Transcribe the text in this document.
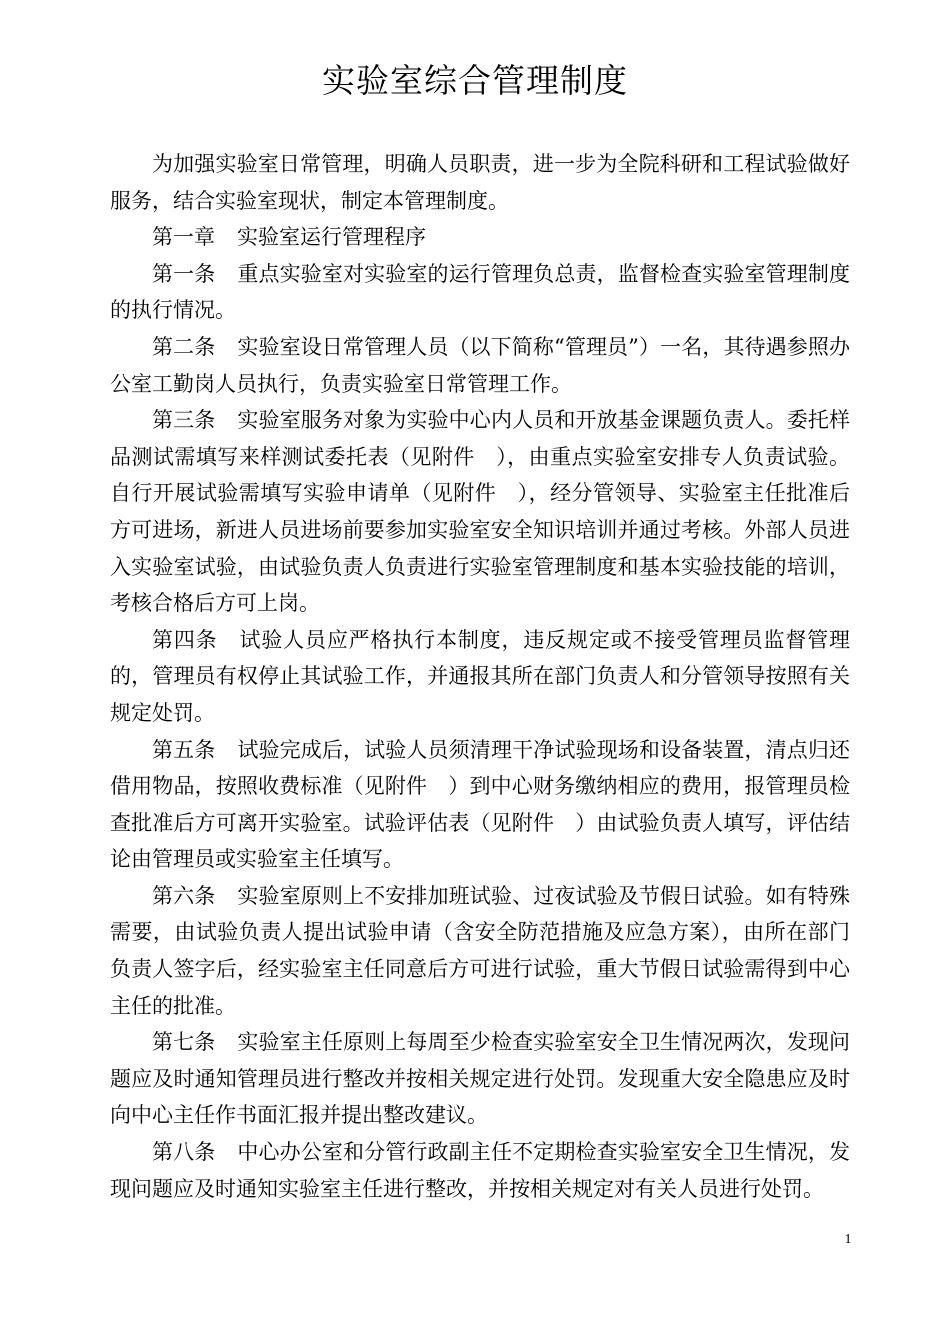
实验室综合管理制度

为加强实验室日常管理，明确人员职责，进一步为全院科研和工程试验做好服务，结合实验室现状，制定本管理制度。

第一章 实验室运行管理程序

第一条 重点实验室对实验室的运行管理负总责，监督检查实验室管理制度的执行情况。

第二条 实验室设日常管理人员（以下简称“管理员”）一名，其待遇参照办公室工勤岗人员执行，负责实验室日常管理工作。

第三条 实验室服务对象为实验中心内人员和开放基金课题负责人。委托样品测试需填写来样测试委托表（见附件　），由重点实验室安排专人负责试验。自行开展试验需填写实验申请单（见附件　），经分管领导、实验室主任批准后方可进场，新进人员进场前要参加实验室安全知识培训并通过考核。外部人员进入实验室试验，由试验负责人负责进行实验室管理制度和基本实验技能的培训，考核合格后方可上岗。

第四条 试验人员应严格执行本制度，违反规定或不接受管理员监督管理的，管理员有权停止其试验工作，并通报其所在部门负责人和分管领导按照有关规定处罚。

第五条 试验完成后，试验人员须清理干净试验现场和设备装置，清点归还借用物品，按照收费标准（见附件　）到中心财务缴纳相应的费用，报管理员检查批准后方可离开实验室。试验评估表（见附件　）由试验负责人填写，评估结论由管理员或实验室主任填写。

第六条 实验室原则上不安排加班试验、过夜试验及节假日试验。如有特殊需要，由试验负责人提出试验申请（含安全防范措施及应急方案），由所在部门负责人签字后，经实验室主任同意后方可进行试验，重大节假日试验需得到中心主任的批准。

第七条 实验室主任原则上每周至少检查实验室安全卫生情况两次，发现问题应及时通知管理员进行整改并按相关规定进行处罚。发现重大安全隐患应及时向中心主任作书面汇报并提出整改建议。

第八条 中心办公室和分管行政副主任不定期检查实验室安全卫生情况，发现问题应及时通知实验室主任进行整改，并按相关规定对有关人员进行处罚。

1
